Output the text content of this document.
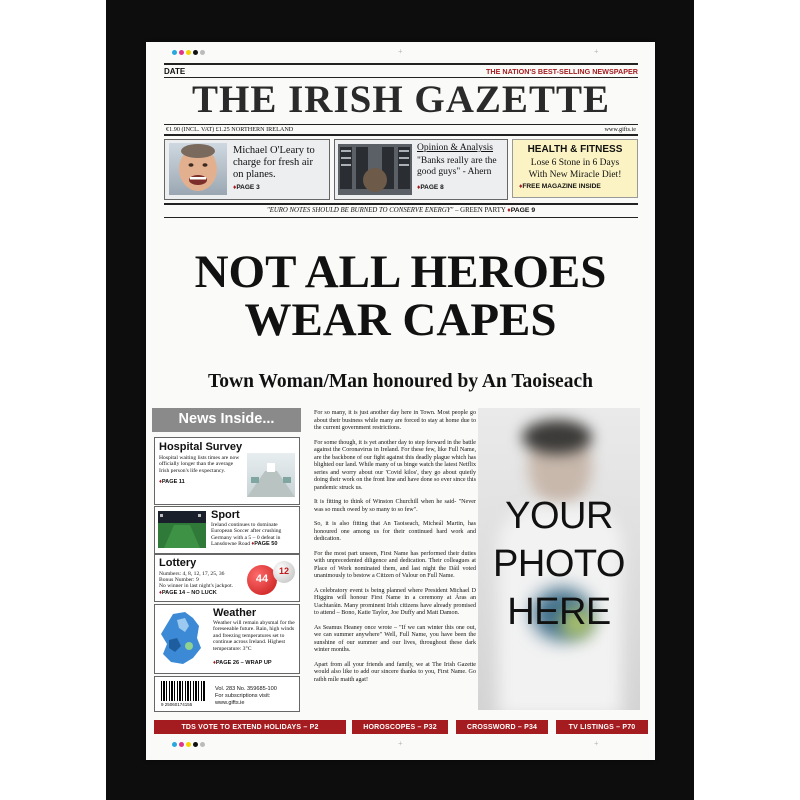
+	+
DATE	THE NATION'S BEST-SELLING NEWSPAPER
THE IRISH GAZETTE
€1.90 (INCL. VAT) £1.25 NORTHERN IRELAND	www.gifts.ie
Michael O'Leary to charge for fresh air on planes.
♦PAGE 3
Opinion & Analysis
"Banks really are the good guys" - Ahern
♦PAGE 8
HEALTH & FITNESS
Lose 6 Stone in 6 Days
With New Miracle Diet!
♦FREE MAGAZINE INSIDE
"EURO NOTES SHOULD BE BURNED TO CONSERVE ENERGY" – GREEN PARTY ♦PAGE 9
NOT ALL HEROES
WEAR CAPES
Town Woman/Man honoured by An Taoiseach
News Inside...
Hospital Survey
Hospital waiting lists times are now officially longer than the average Irish person's life expectancy.
♦PAGE 11
Sport
Ireland continues to dominate European Soccer after crushing Germany with a 5 – 0 defeat in Lansdowne Road ♦PAGE 50
Lottery
Numbers: 4, 8, 12, 17, 25, 36
Bonus Number: 9
No winner in last night's jackpot.
♦PAGE 14 – NO LUCK
44
12
Weather
Weather will remain abysmal for the foreseeable future. Rain, high winds and freezing temperatures set to continue across Ireland. Highest temperature: 3°C
♦PAGE 26 – WRAP UP
9 25060174155
Vol. 283 No. 359685-100
For subscriptions visit:
www.gifts.ie

For so many, it is just another day here in Town. Most people go about their business while many are forced to stay at home due to the current government restrictions.

For some though, it is yet another day to step forward in the battle against the Coronavirus in Ireland. For these few, like Full Name, are the backbone of our fight against this deadly plague which has blighted our land. While many of us binge watch the latest Netflix series and worry about our 'Covid kilos', they go about quietly doing their work on the front line and have done so ever since this pandemic struck us.

It is fitting to think of Winston Churchill when he said- "Never was so much owed by so many to so few".

So, it is also fitting that An Taoiseach, Micheál Martin, has honoured one among us for their continued hard work and dedication.

For the most part unseen, First Name has performed their duties with unprecedented diligence and dedication. Their colleagues at Place of Work nominated them, and last night the Dáil voted unanimously to bestow a Citizen of Valour on Full Name.

A celebratory event is being planned where President Michael D Higgins will honour First Name in a ceremony at Áras an Uachtaráin. Many prominent Irish citizens have already promised to attend – Bono, Katie Taylor, Joe Duffy and Matt Damon.

As Seamus Heaney once wrote – "If we can winter this one out, we can summer anywhere" Well, Full Name, you have been the sunshine of our summer and our lives, throughout these dark winter months.

Apart from all your friends and family, we at The Irish Gazette would also like to add our sincere thanks to you, First Name. Go raibh míle maith agat!

YOUR
PHOTO
HERE
TDS VOTE TO EXTEND HOLIDAYS – P2	HOROSCOPES – P32	CROSSWORD – P34	TV LISTINGS – P70
+	+
